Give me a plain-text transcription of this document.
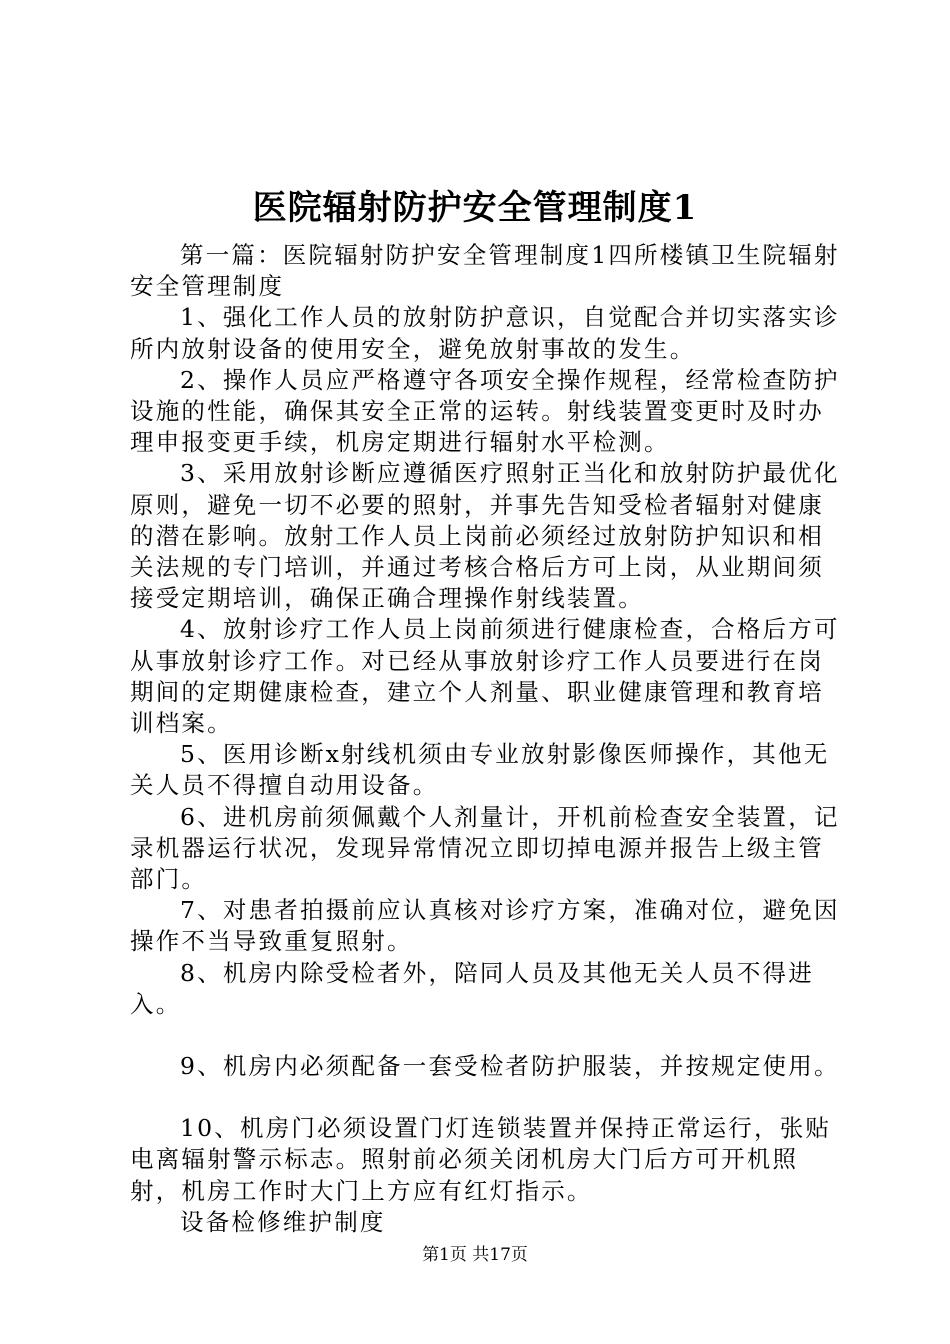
医院辐射防护安全管理制度1

第一篇：医院辐射防护安全管理制度1四所楼镇卫生院辐射安全管理制度

1、强化工作人员的放射防护意识，自觉配合并切实落实诊所内放射设备的使用安全，避免放射事故的发生。

2、操作人员应严格遵守各项安全操作规程，经常检查防护设施的性能，确保其安全正常的运转。射线装置变更时及时办理申报变更手续，机房定期进行辐射水平检测。

3、采用放射诊断应遵循医疗照射正当化和放射防护最优化原则，避免一切不必要的照射，并事先告知受检者辐射对健康的潜在影响。放射工作人员上岗前必须经过放射防护知识和相关法规的专门培训，并通过考核合格后方可上岗，从业期间须接受定期培训，确保正确合理操作射线装置。

4、放射诊疗工作人员上岗前须进行健康检查，合格后方可从事放射诊疗工作。对已经从事放射诊疗工作人员要进行在岗期间的定期健康检查，建立个人剂量、职业健康管理和教育培训档案。

5、医用诊断x射线机须由专业放射影像医师操作，其他无关人员不得擅自动用设备。

6、进机房前须佩戴个人剂量计，开机前检查安全装置，记录机器运行状况，发现异常情况立即切掉电源并报告上级主管部门。

7、对患者拍摄前应认真核对诊疗方案，准确对位，避免因操作不当导致重复照射。

8、机房内除受检者外，陪同人员及其他无关人员不得进入。

9、机房内必须配备一套受检者防护服装，并按规定使用。

10、机房门必须设置门灯连锁装置并保持正常运行，张贴电离辐射警示标志。照射前必须关闭机房大门后方可开机照射，机房工作时大门上方应有红灯指示。

设备检修维护制度

第1页 共17页
